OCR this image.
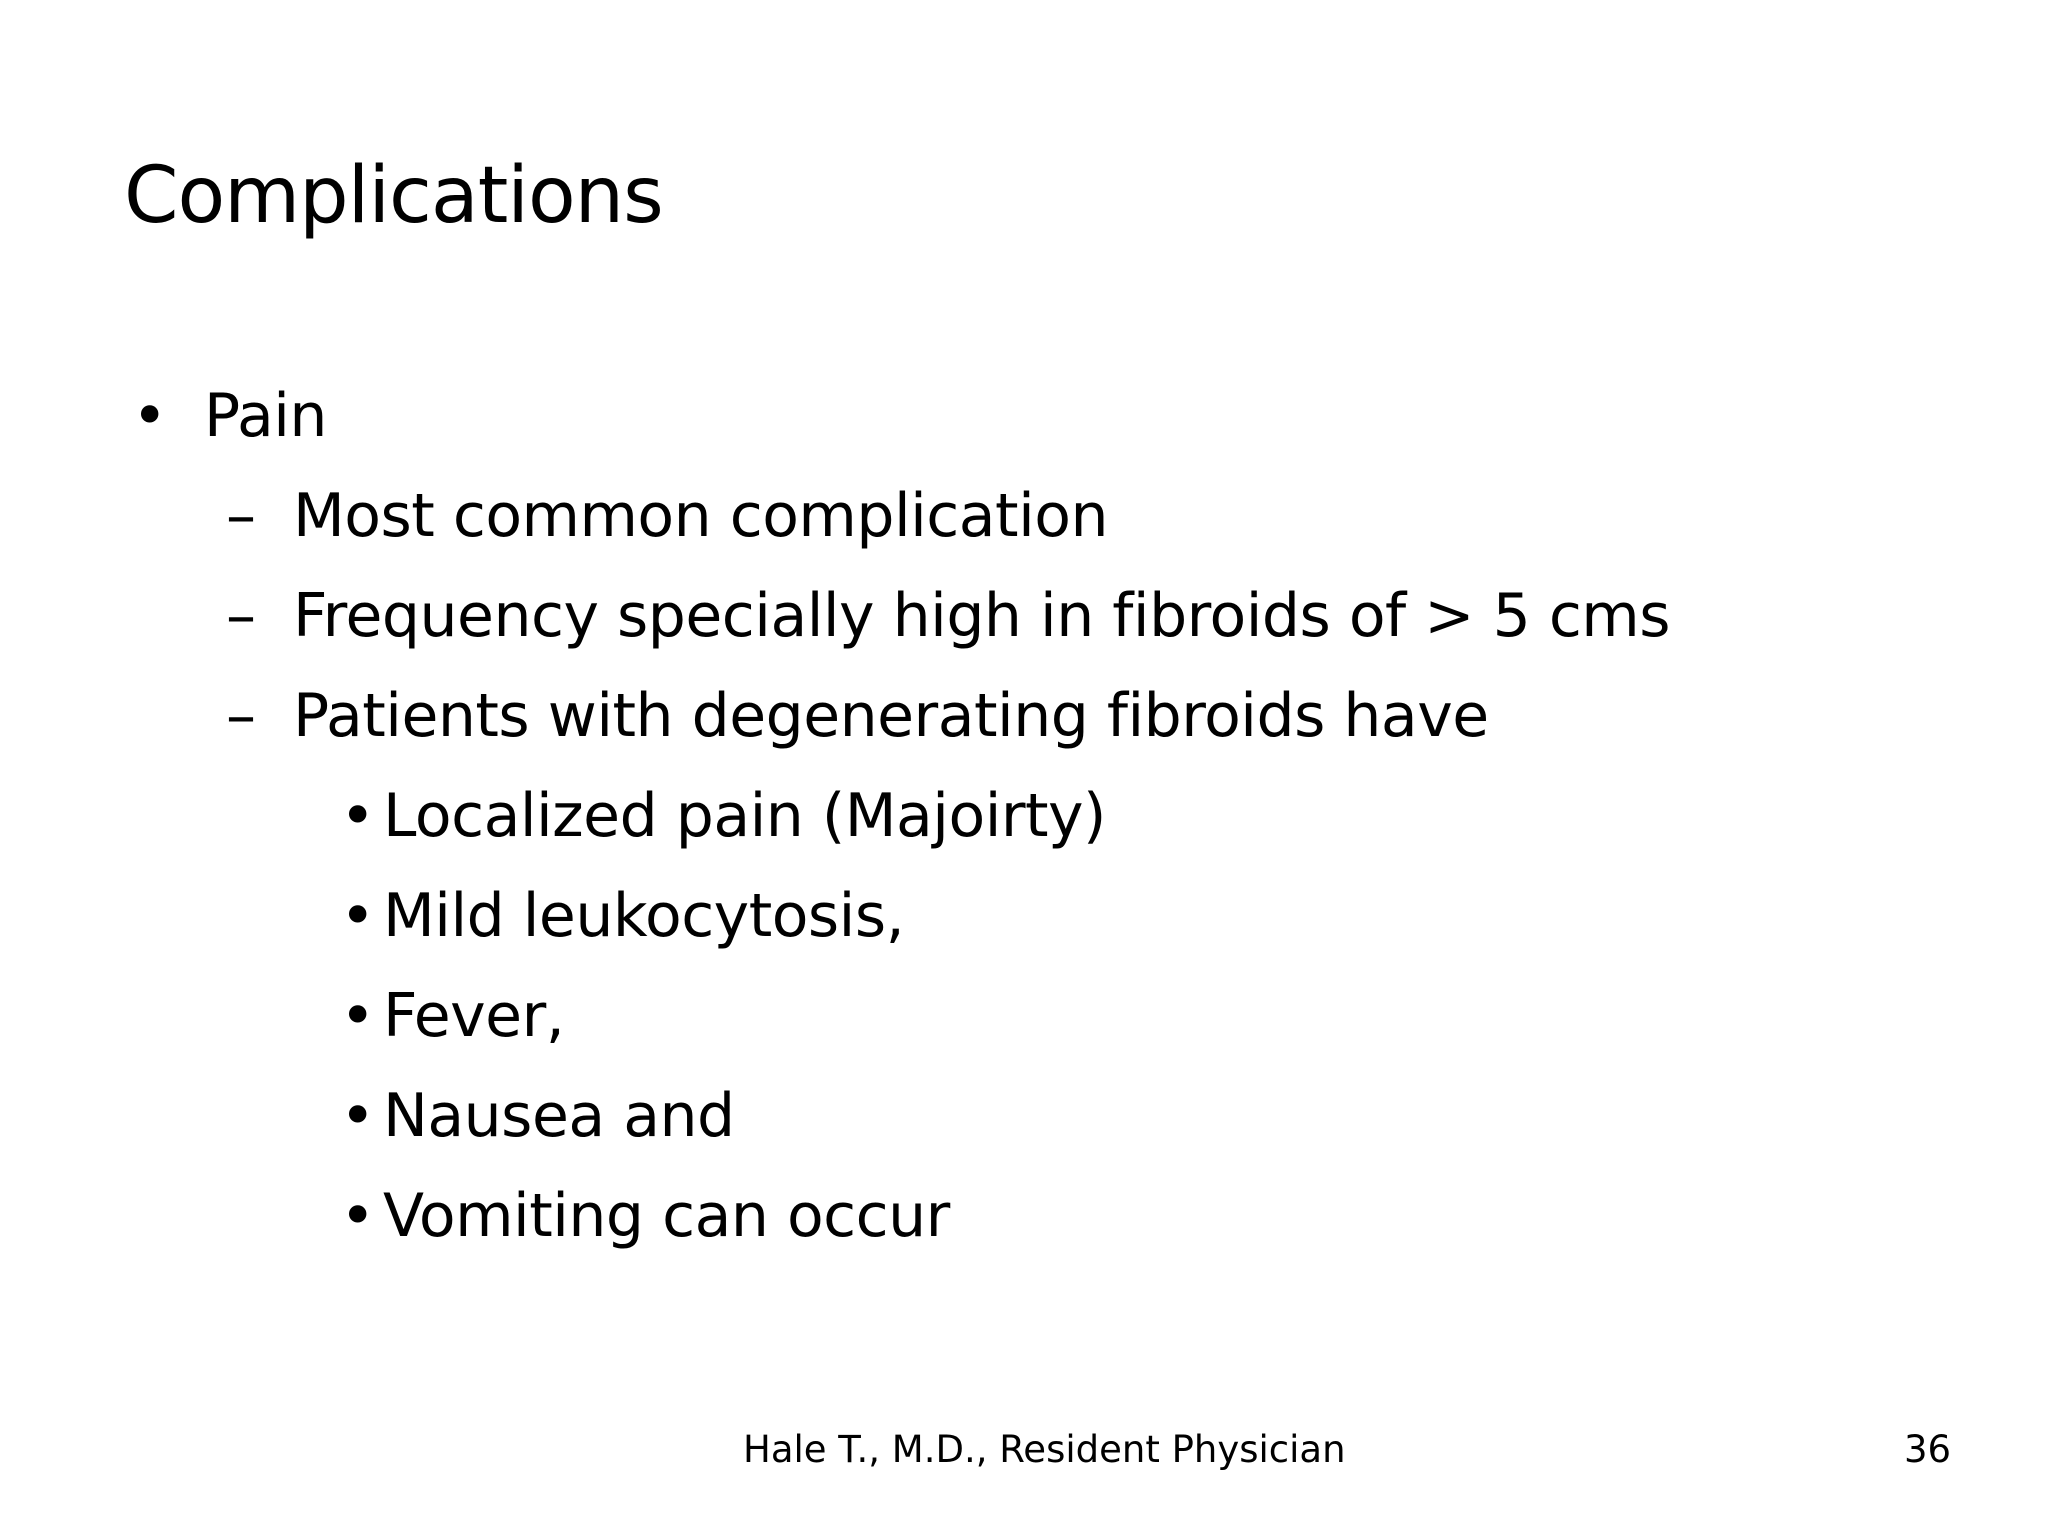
Complications
• Pain
– Most common complication
– Frequency specially high in fibroids of > 5 cms
– Patients with degenerating fibroids have
• Localized pain (Majoirty)
• Mild leukocytosis,
• Fever,
• Nausea and
• Vomiting can occur
Hale T., M.D., Resident Physician	36
